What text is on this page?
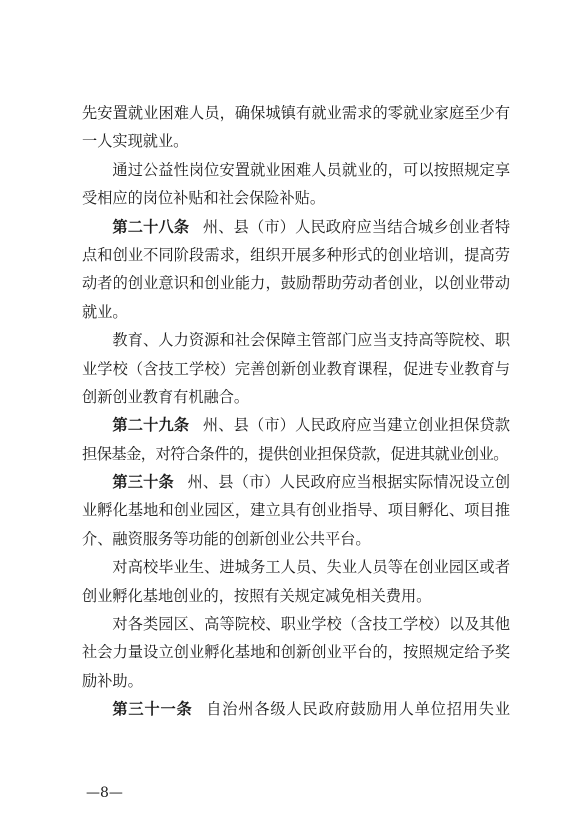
先安置就业困难人员，确保城镇有就业需求的零就业家庭至少有
一人实现就业。
通过公益性岗位安置就业困难人员就业的，可以按照规定享
受相应的岗位补贴和社会保险补贴。
第二十八条 州、县（市）人民政府应当结合城乡创业者特
点和创业不同阶段需求，组织开展多种形式的创业培训，提高劳
动者的创业意识和创业能力，鼓励帮助劳动者创业，以创业带动
就业。
教育、人力资源和社会保障主管部门应当支持高等院校、职
业学校（含技工学校）完善创新创业教育课程，促进专业教育与
创新创业教育有机融合。
第二十九条 州、县（市）人民政府应当建立创业担保贷款
担保基金，对符合条件的，提供创业担保贷款，促进其就业创业。
第三十条 州、县（市）人民政府应当根据实际情况设立创
业孵化基地和创业园区，建立具有创业指导、项目孵化、项目推
介、融资服务等功能的创新创业公共平台。
对高校毕业生、进城务工人员、失业人员等在创业园区或者
创业孵化基地创业的，按照有关规定减免相关费用。
对各类园区、高等院校、职业学校（含技工学校）以及其他
社会力量设立创业孵化基地和创新创业平台的，按照规定给予奖
励补助。
第三十一条 自治州各级人民政府鼓励用人单位招用失业
—8—
